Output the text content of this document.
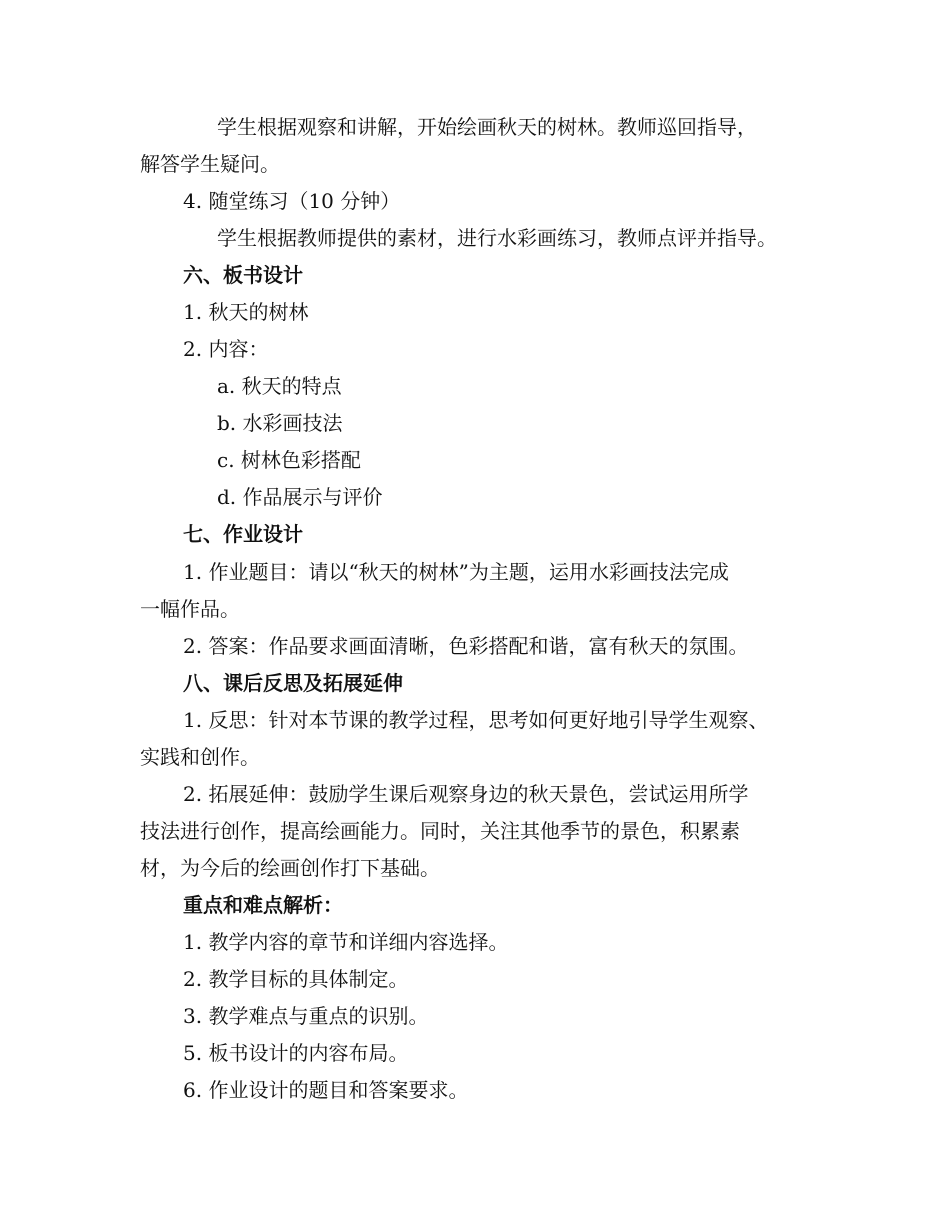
学生根据观察和讲解，开始绘画秋天的树林。教师巡回指导，
解答学生疑问。
4. 随堂练习（10 分钟）
学生根据教师提供的素材，进行水彩画练习，教师点评并指导。
六、板书设计
1. 秋天的树林
2. 内容：
a. 秋天的特点
b. 水彩画技法
c. 树林色彩搭配
d. 作品展示与评价
七、作业设计
1. 作业题目：请以“秋天的树林”为主题，运用水彩画技法完成
一幅作品。
2. 答案：作品要求画面清晰，色彩搭配和谐，富有秋天的氛围。
八、课后反思及拓展延伸
1. 反思：针对本节课的教学过程，思考如何更好地引导学生观察、
实践和创作。
2. 拓展延伸：鼓励学生课后观察身边的秋天景色，尝试运用所学
技法进行创作，提高绘画能力。同时，关注其他季节的景色，积累素
材，为今后的绘画创作打下基础。
重点和难点解析：
1. 教学内容的章节和详细内容选择。
2. 教学目标的具体制定。
3. 教学难点与重点的识别。
5. 板书设计的内容布局。
6. 作业设计的题目和答案要求。
